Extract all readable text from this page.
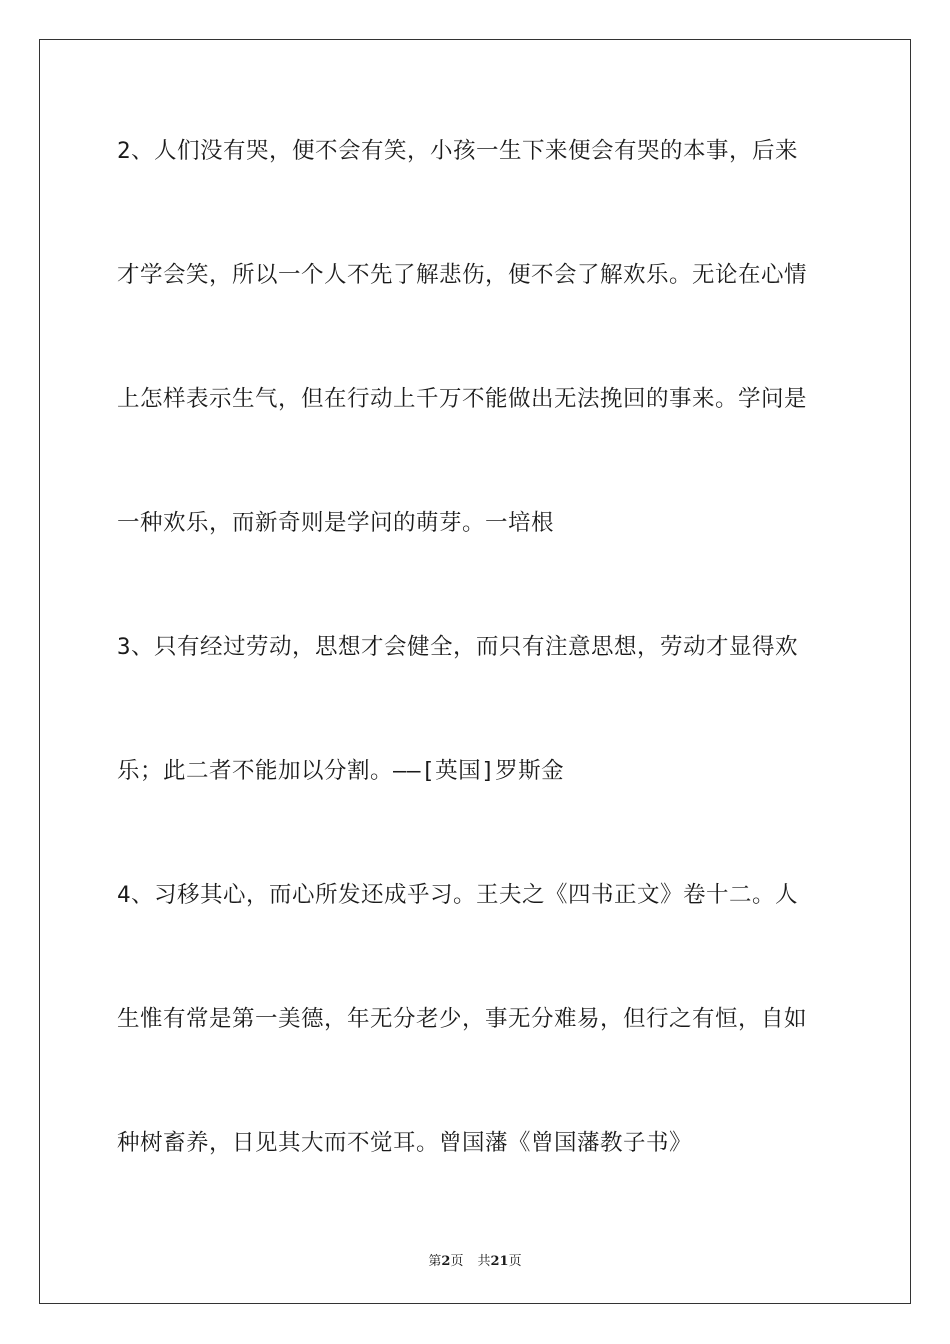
2、人们没有哭，便不会有笑，小孩一生下来便会有哭的本事，后来
才学会笑，所以一个人不先了解悲伤，便不会了解欢乐。无论在心情
上怎样表示生气，但在行动上千万不能做出无法挽回的事来。学问是
一种欢乐，而新奇则是学问的萌芽。一培根
3、只有经过劳动，思想才会健全，而只有注意思想，劳动才显得欢
乐；此二者不能加以分割。——[英国]罗斯金
4、习移其心，而心所发还成乎习。王夫之《四书正文》卷十二。人
生惟有常是第一美德，年无分老少，事无分难易，但行之有恒，自如
种树畜养，日见其大而不觉耳。曾国藩《曾国藩教子书》
第2页 共21页
